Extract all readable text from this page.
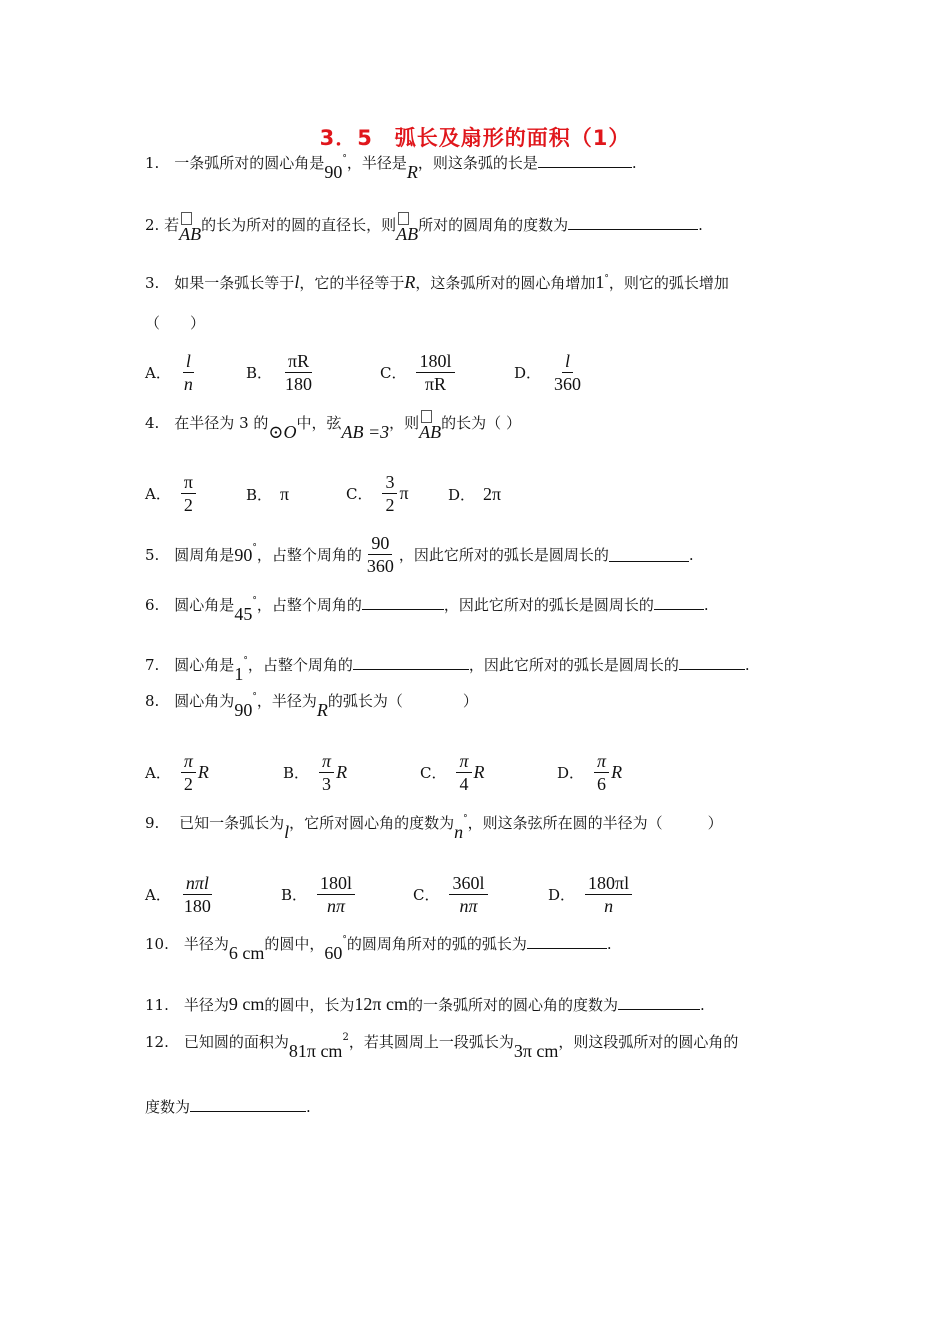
3．5　弧长及扇形的面积（1）
1.　一条弧所对的圆心角是90°，半径是R，则这条弧的长是	.
2. 若
AB的长为所对的圆的直径长，则
AB所对的圆周角的度数为	.
3.　如果一条弧长等于l，它的半径等于R，这条弧所对的圆心角增加1°，则它的弧长增加
（　　）
A． $\frac{l}{n}$	B． $\frac{\pi R}{180}$	C． $\frac{180l}{\pi R}$	D． $\frac{l}{360}$
4.　在半径为 3 的⊙O中，弦AB =3，则
AB的长为（ ）
A． $\frac{\pi}{2}$	B． π	C． $\frac{3}{2}$ π	D． 2π
5.　圆周角是 90 ° ，占整个周角的 $\frac{90}{360}$ ，因此它所对的弧长是圆周长的	.
6.　圆心角是45°，占整个周角的	，因此它所对的弧长是圆周长的	.
7.　圆心角是1°，占整个周角的	，因此它所对的弧长是圆周长的	.
8.　圆心角为90°，半径为R的弧长为（　　　　）
A． $\frac{\pi}{2}$ R	B． $\frac{\pi}{3}$ R	C． $\frac{\pi}{4}$ R	D． $\frac{\pi}{6}$ R
9.　 已知一条弧长为l，它所对圆心角的度数为n°，则这条弦所在圆的半径为（　　　）
A． $\frac{\text{nπl}}{180}$	B． $\frac{180l}{n\pi}$	C． $\frac{360l}{n\pi}$	D． $\frac{180\pi l}{n}$
10.　半径为6 cm的圆中，60°的圆周角所对的弧的弧长为	.
11.　半径为9 cm的圆中，长为12π cm的一条弧所对的圆心角的度数为	.
12.　已知圆的面积为81π $cm^2$，若其圆周上一段弧长为3π cm，则这段弧所对的圆心角的
度数为	.
